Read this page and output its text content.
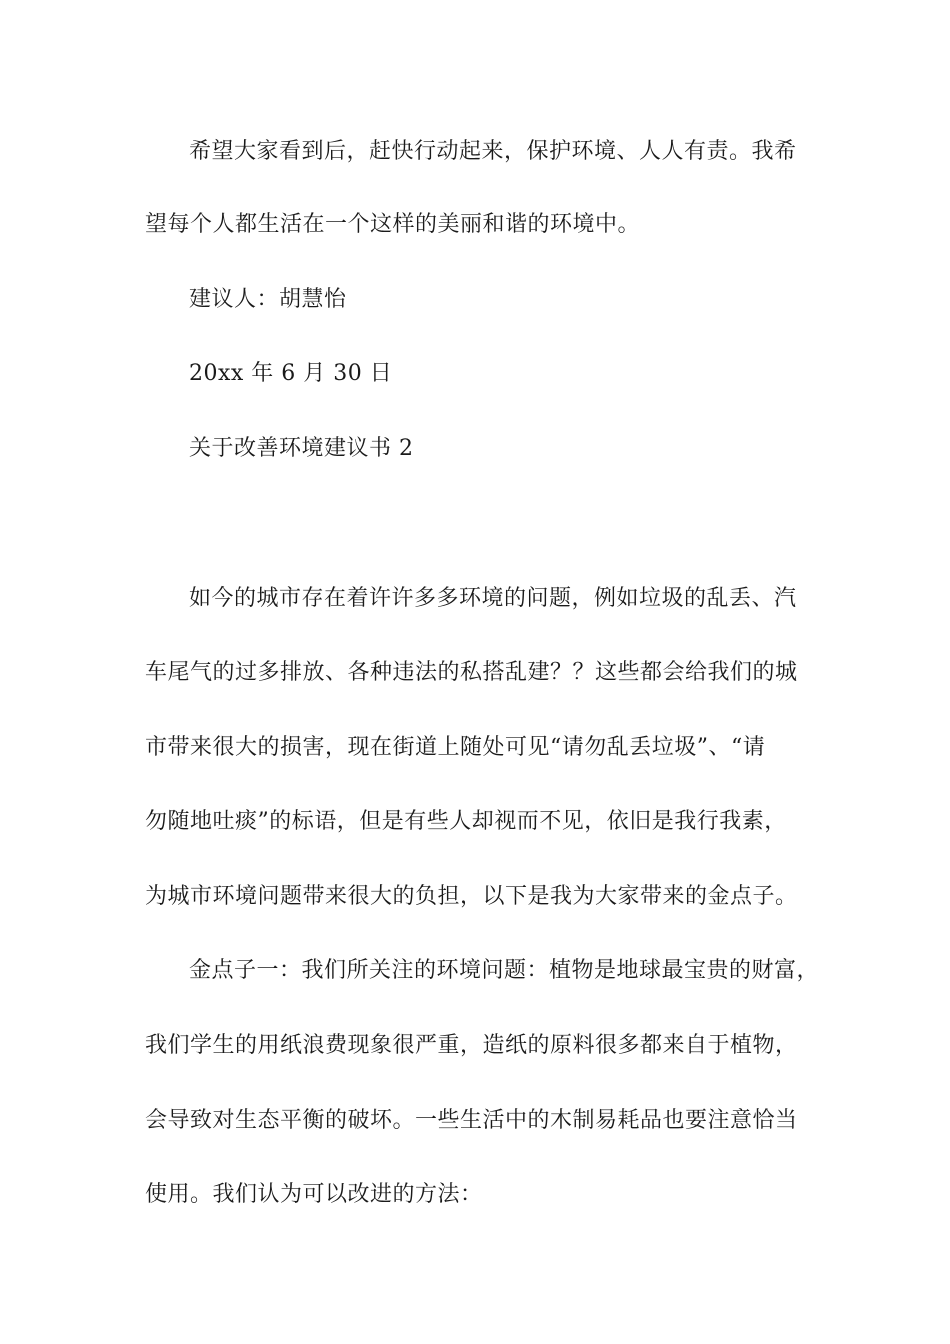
希望大家看到后，赶快行动起来，保护环境、人人有责。我希

望每个人都生活在一个这样的美丽和谐的环境中。

建议人：胡慧怡

20xx 年 6 月 30 日

关于改善环境建议书 2

如今的城市存在着许许多多环境的问题，例如垃圾的乱丢、汽

车尾气的过多排放、各种违法的私搭乱建？？这些都会给我们的城

市带来很大的损害，现在街道上随处可见“请勿乱丢垃圾”、“请

勿随地吐痰”的标语，但是有些人却视而不见，依旧是我行我素，

为城市环境问题带来很大的负担，以下是我为大家带来的金点子。

金点子一：我们所关注的环境问题：植物是地球最宝贵的财富，

我们学生的用纸浪费现象很严重，造纸的原料很多都来自于植物，

会导致对生态平衡的破坏。一些生活中的木制易耗品也要注意恰当

使用。我们认为可以改进的方法：
